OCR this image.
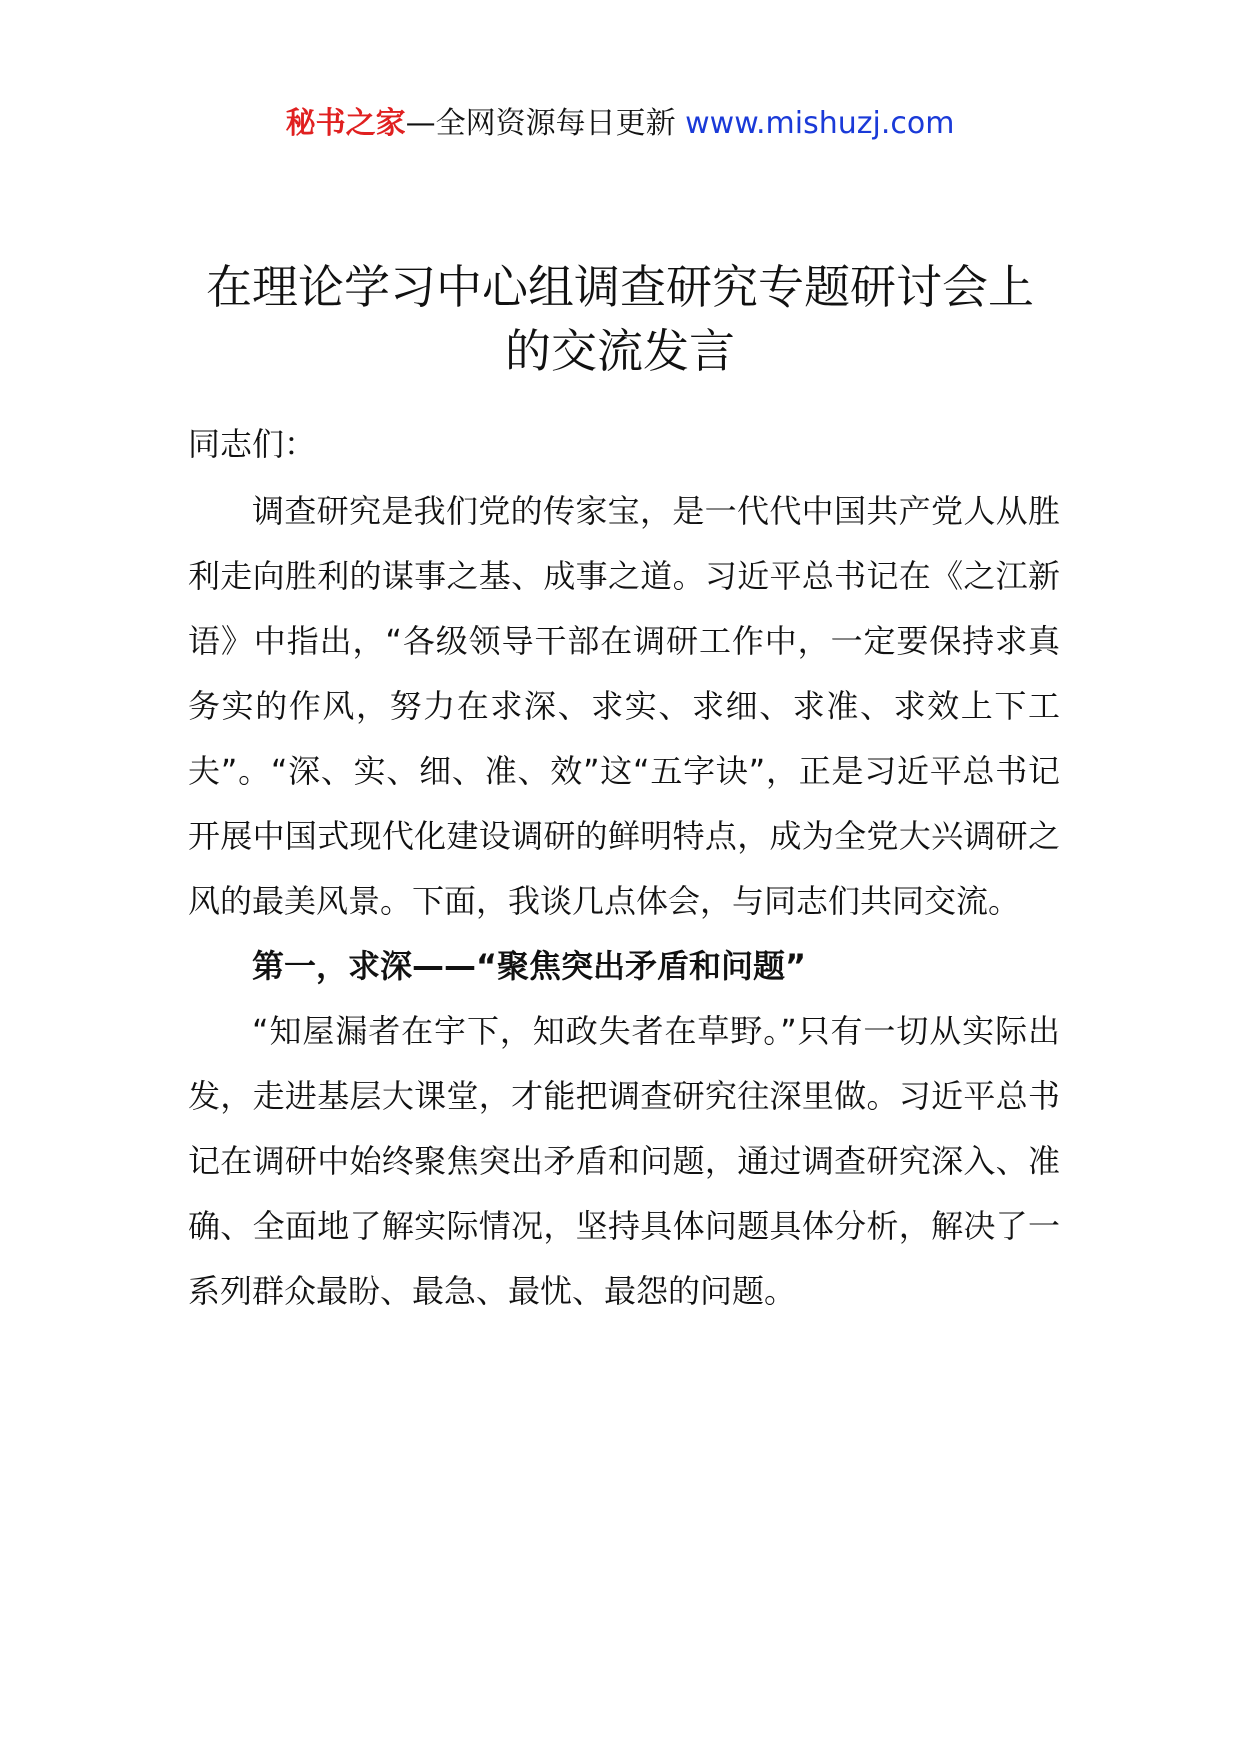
秘书之家—全网资源每日更新 www.mishuzj.com
在理论学习中心组调查研究专题研讨会上
的交流发言

同志们：

调查研究是我们党的传家宝，是一代代中国共产党人从胜利走向胜利的谋事之基、成事之道。习近平总书记在《之江新语》中指出，“各级领导干部在调研工作中，一定要保持求真务实的作风，努力在求深、求实、求细、求准、求效上下工夫”。“深、实、细、准、效”这“五字诀”，正是习近平总书记开展中国式现代化建设调研的鲜明特点，成为全党大兴调研之风的最美风景。下面，我谈几点体会，与同志们共同交流。

第一，求深——“聚焦突出矛盾和问题”

“知屋漏者在宇下，知政失者在草野。”只有一切从实际出发，走进基层大课堂，才能把调查研究往深里做。习近平总书记在调研中始终聚焦突出矛盾和问题，通过调查研究深入、准确、全面地了解实际情况，坚持具体问题具体分析，解决了一系列群众最盼、最急、最忧、最怨的问题。
